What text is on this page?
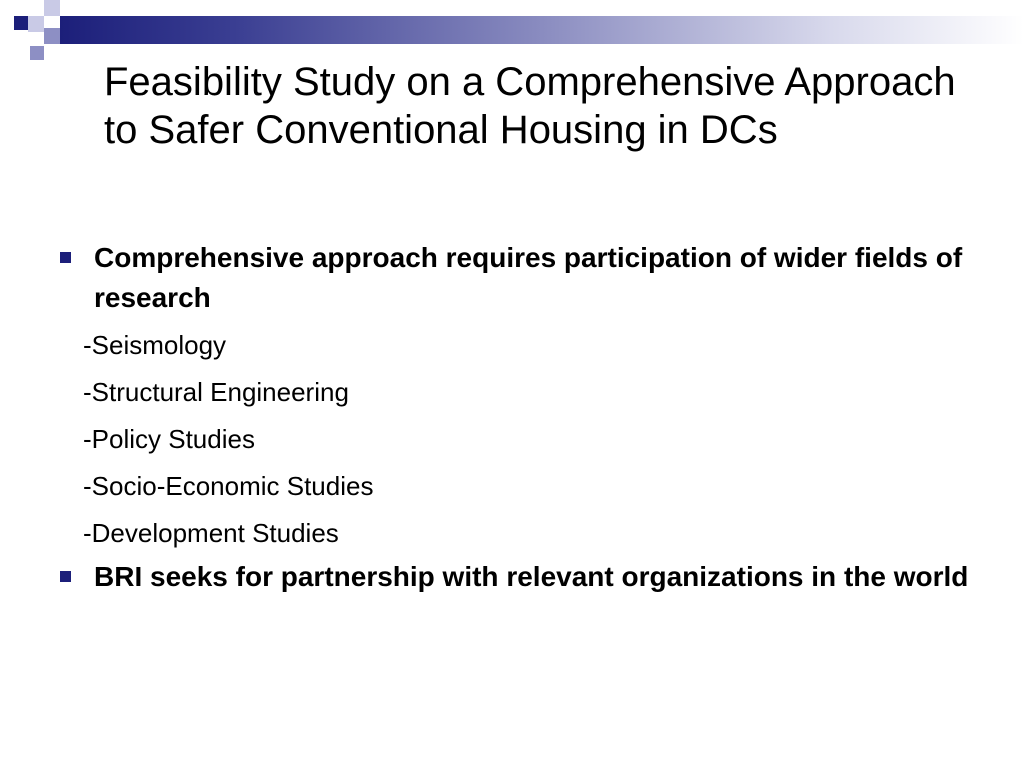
Feasibility Study on a Comprehensive Approach to Safer Conventional Housing in DCs
Comprehensive approach requires participation of wider fields of research
-Seismology
-Structural Engineering
-Policy Studies
-Socio-Economic Studies
-Development Studies
BRI seeks for partnership with relevant organizations in the world
